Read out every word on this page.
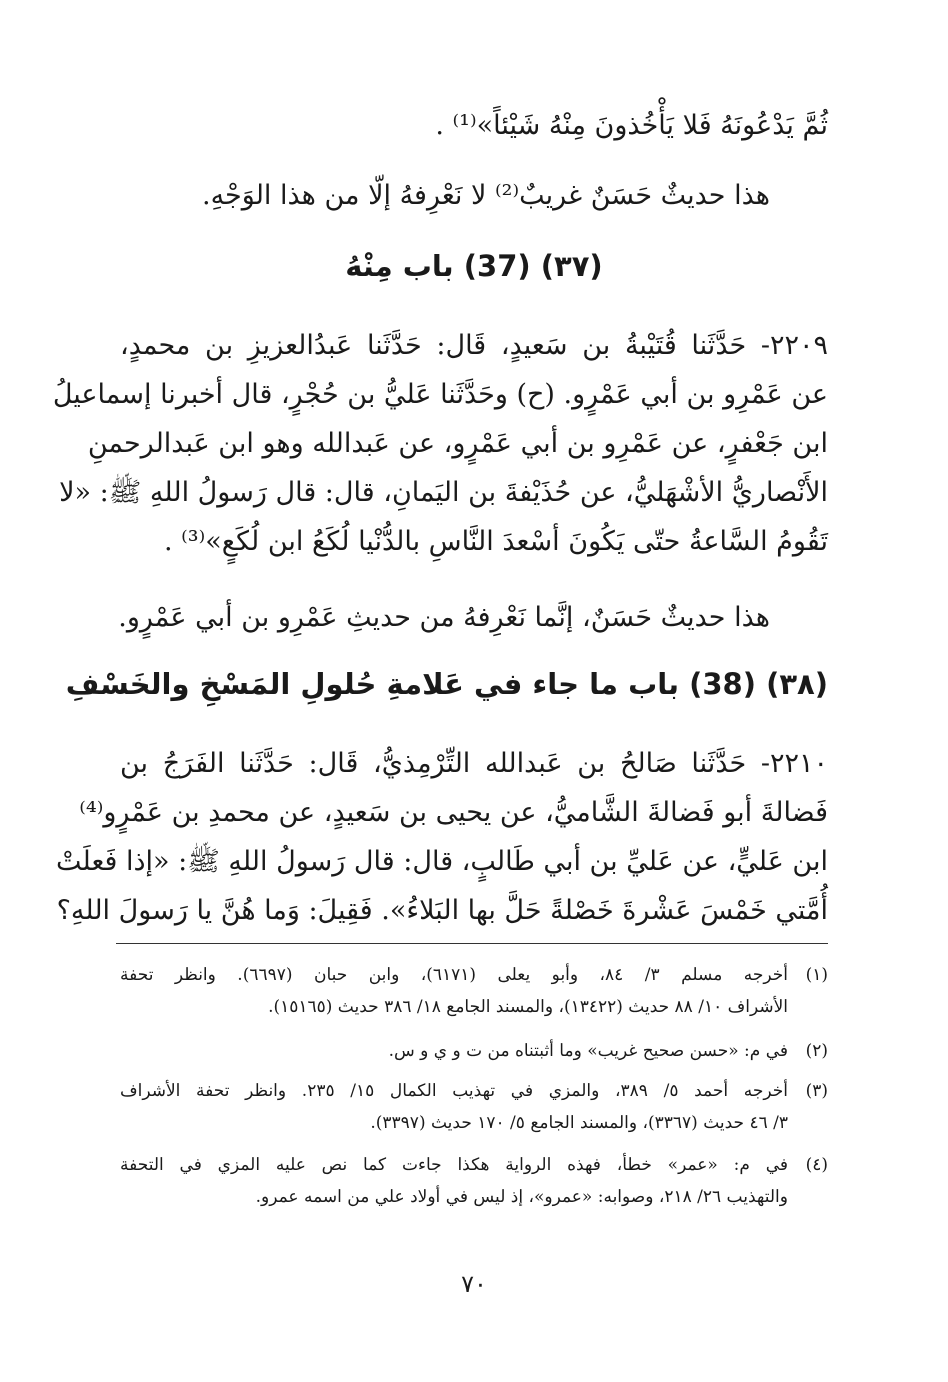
ثُمَّ يَدْعُونَهُ فَلا يَأْخُذونَ مِنْهُ شَيْئاً»⁽¹⁾ .
هذا حديثٌ حَسَنٌ غريبٌ⁽²⁾ لا نَعْرِفهُ إلّا من هذا الوَجْهِ.
(٣٧) (37) باب مِنْهُ
٢٢٠٩- حَدَّثَنا قُتَيْبةُ بن سَعيدٍ، قَال: حَدَّثَنا عَبدُالعزيزِ بن محمدٍ،
عن عَمْرِو بن أبي عَمْرٍو. (ح) وحَدَّثَنا عَليُّ بن حُجْرٍ، قال أخبرنا إسماعيلُ
ابن جَعْفرٍ، عن عَمْرِو بن أبي عَمْرٍو، عن عَبدالله وهو ابن عَبدالرحمنِ
الأَنْصاريُّ الأشْهَليُّ، عن حُذَيْفةَ بن اليَمانِ، قال: قال رَسولُ اللهِ ﷺ: «لا
تَقُومُ السَّاعةُ حتّى يَكُونَ أسْعدَ النَّاسِ بالدُّنْيا لُكَعُ ابن لُكَعٍ»⁽³⁾ .
هذا حديثٌ حَسَنٌ، إنَّما نَعْرِفهُ من حديثِ عَمْرِو بن أبي عَمْرٍو.
(٣٨) (38) باب ما جاء في عَلامةِ حُلولِ المَسْخِ والخَسْفِ
٢٢١٠- حَدَّثَنا صَالحُ بن عَبدالله التِّرْمِذيُّ، قَال: حَدَّثَنا الفَرَجُ بن
فَضالةَ أبو فَضالةَ الشَّاميُّ، عن يحيى بن سَعيدٍ، عن محمدِ بن عَمْرٍو⁽⁴⁾
ابن عَليٍّ، عن عَليِّ بن أبي طَالبٍ، قال: قال رَسولُ اللهِ ﷺ: «إذا فَعلَتْ
أُمَّتي خَمْسَ عَشْرةَ خَصْلةً حَلَّ بها البَلاءُ». فَقِيلَ: وَما هُنَّ يا رَسولَ اللهِ؟
(١)
أخرجه مسلم ٣/ ٨٤، وأبو يعلى (٦١٧١)، وابن حبان (٦٦٩٧). وانظر تحفة
الأشراف ١٠/ ٨٨ حديث (١٣٤٢٢)، والمسند الجامع ١٨/ ٣٨٦ حديث (١٥١٦٥).
(٢)
في م: «حسن صحيح غريب» وما أثبتناه من ت و ي و س.
(٣)
أخرجه أحمد ٥/ ٣٨٩، والمزي في تهذيب الكمال ١٥/ ٢٣٥. وانظر تحفة الأشراف
٣/ ٤٦ حديث (٣٣٦٧)، والمسند الجامع ٥/ ١٧٠ حديث (٣٣٩٧).
(٤)
في م: «عمر» خطأ، فهذه الرواية هكذا جاءت كما نص عليه المزي في التحفة
والتهذيب ٢٦/ ٢١٨، وصوابه: «عمرو»، إذ ليس في أولاد علي من اسمه عمرو.
٧٠
